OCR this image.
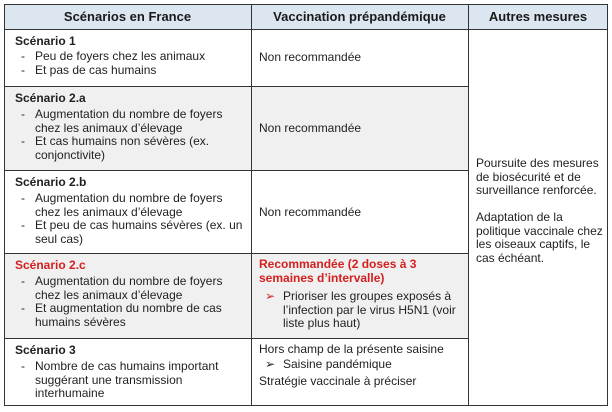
Scénarios en France	Vaccination prépandémique	Autres mesures
Scénario 1
- Peu de foyers chez les animaux
- Et pas de cas humains
Non recommandée
Scénario 2.a
- Augmentation du nombre de foyers chez les animaux d’élevage
- Et cas humains non sévères (ex. conjonctivite)
Non recommandée
Scénario 2.b
- Augmentation du nombre de foyers chez les animaux d’élevage
- Et peu de cas humains sévères (ex. un seul cas)
Non recommandée
Scénario 2.c
- Augmentation du nombre de foyers chez les animaux d’élevage
- Et augmentation du nombre de cas humains sévères
Recommandée (2 doses à 3 semaines d’intervalle)
➢ Prioriser les groupes exposés à l’infection par le virus H5N1 (voir liste plus haut)
Scénario 3
- Nombre de cas humains important suggérant une transmission interhumaine
Hors champ de la présente saisine
➢ Saisine pandémique
Stratégie vaccinale à préciser
Poursuite des mesures de biosécurité et de surveillance renforcée.
Adaptation de la politique vaccinale chez les oiseaux captifs, le cas échéant.
